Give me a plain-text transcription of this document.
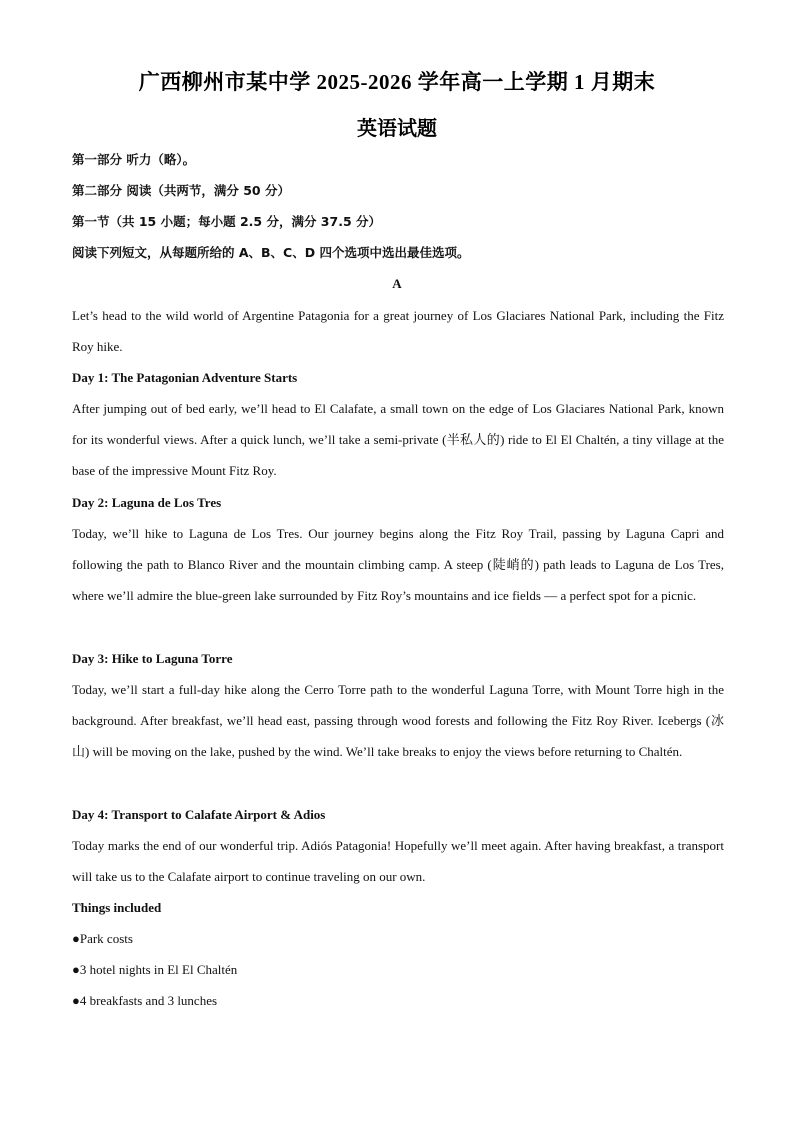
广西柳州市某中学 2025-2026 学年高一上学期 1 月期末
英语试题
第一部分 听力（略）。
第二部分 阅读（共两节，满分 50 分）
第一节（共 15 小题；每小题 2.5 分，满分 37.5 分）
阅读下列短文，从每题所给的 A、B、C、D 四个选项中选出最佳选项。
A
Let’s head to the wild world of Argentine Patagonia for a great journey of Los Glaciares National Park, including the Fitz Roy hike.
Day 1: The Patagonian Adventure Starts
After jumping out of bed early, we’ll head to El Calafate, a small town on the edge of Los Glaciares National Park, known for its wonderful views. After a quick lunch, we’ll take a semi-private (半私人的) ride to El El Chaltén, a tiny village at the base of the impressive Mount Fitz Roy.
Day 2: Laguna de Los Tres
Today, we’ll hike to Laguna de Los Tres. Our journey begins along the Fitz Roy Trail, passing by Laguna Capri and following the path to Blanco River and the mountain climbing camp. A steep (陡峭的) path leads to Laguna de Los Tres, where we’ll admire the blue-green lake surrounded by Fitz Roy’s mountains and ice fields — a perfect spot for a picnic.
Day 3: Hike to Laguna Torre
Today, we’ll start a full-day hike along the Cerro Torre path to the wonderful Laguna Torre, with Mount Torre high in the background. After breakfast, we’ll head east, passing through wood forests and following the Fitz Roy River. Icebergs (冰山) will be moving on the lake, pushed by the wind. We’ll take breaks to enjoy the views before returning to Chaltén.
Day 4: Transport to Calafate Airport & Adios
Today marks the end of our wonderful trip. Adiós Patagonia! Hopefully we’ll meet again. After having breakfast, a transport will take us to the Calafate airport to continue traveling on our own.
Things included
●Park costs
●3 hotel nights in El El Chaltén
●4 breakfasts and 3 lunches
